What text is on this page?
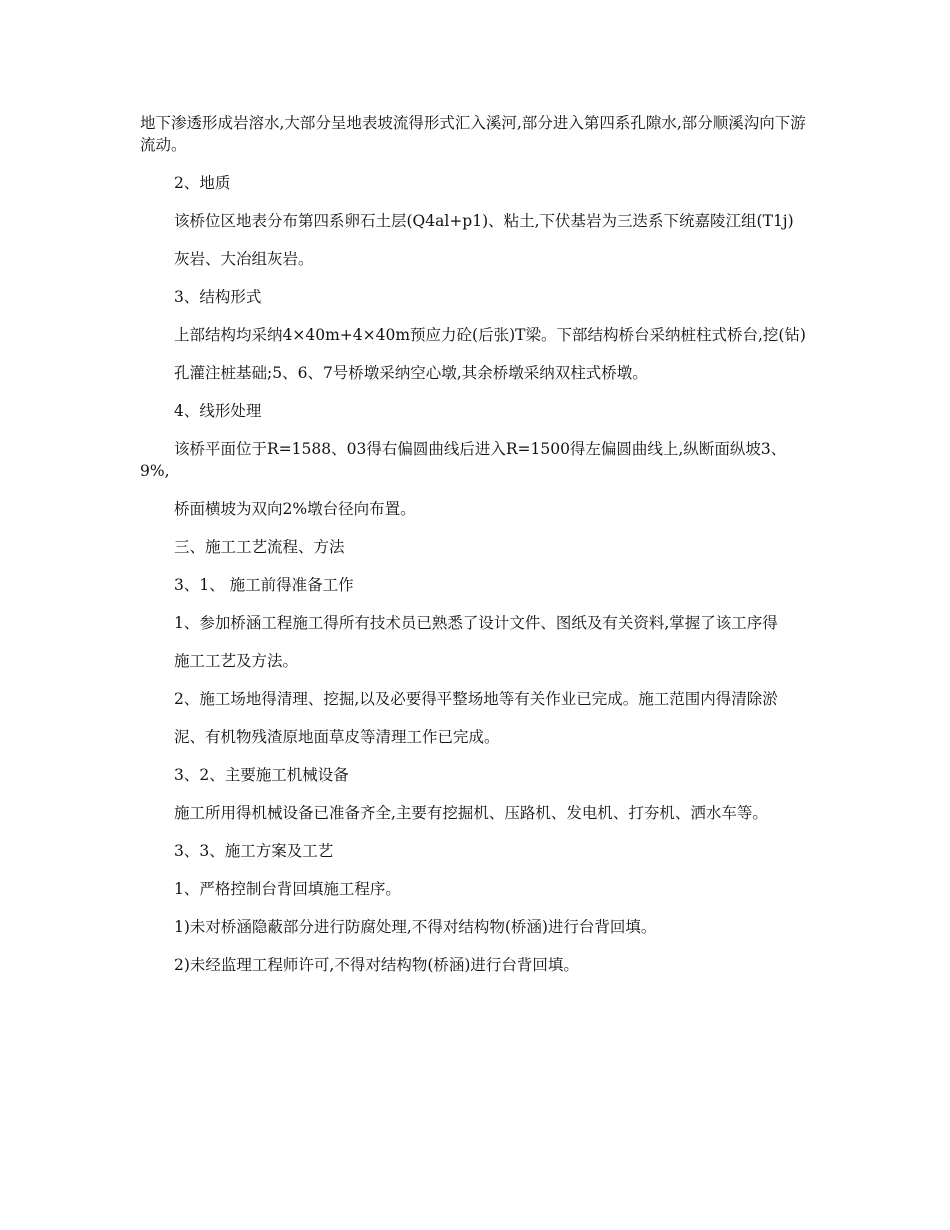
地下渗透形成岩溶水,大部分呈地表坡流得形式汇入溪河,部分进入第四系孔隙水,部分顺溪沟向下游流动。

2、地质

该桥位区地表分布第四系卵石土层(Q4al+p1)、粘土,下伏基岩为三迭系下统嘉陵江组(T1j)

灰岩、大冶组灰岩。

3、结构形式

上部结构均采纳4×40m+4×40m预应力砼(后张)T梁。下部结构桥台采纳桩柱式桥台,挖(钻)

孔灌注桩基础;5、6、7号桥墩采纳空心墩,其余桥墩采纳双柱式桥墩。

4、线形处理

该桥平面位于R=1588、03得右偏圆曲线后进入R=1500得左偏圆曲线上,纵断面纵坡3、9%,

桥面横坡为双向2%墩台径向布置。

三、施工工艺流程、方法

3、1、 施工前得准备工作

1、参加桥涵工程施工得所有技术员已熟悉了设计文件、图纸及有关资料,掌握了该工序得

施工工艺及方法。

2、施工场地得清理、挖掘,以及必要得平整场地等有关作业已完成。施工范围内得清除淤

泥、有机物残渣原地面草皮等清理工作已完成。

3、2、主要施工机械设备

施工所用得机械设备已准备齐全,主要有挖掘机、压路机、发电机、打夯机、洒水车等。

3、3、施工方案及工艺

1、严格控制台背回填施工程序。

1)未对桥涵隐蔽部分进行防腐处理,不得对结构物(桥涵)进行台背回填。

2)未经监理工程师许可,不得对结构物(桥涵)进行台背回填。
